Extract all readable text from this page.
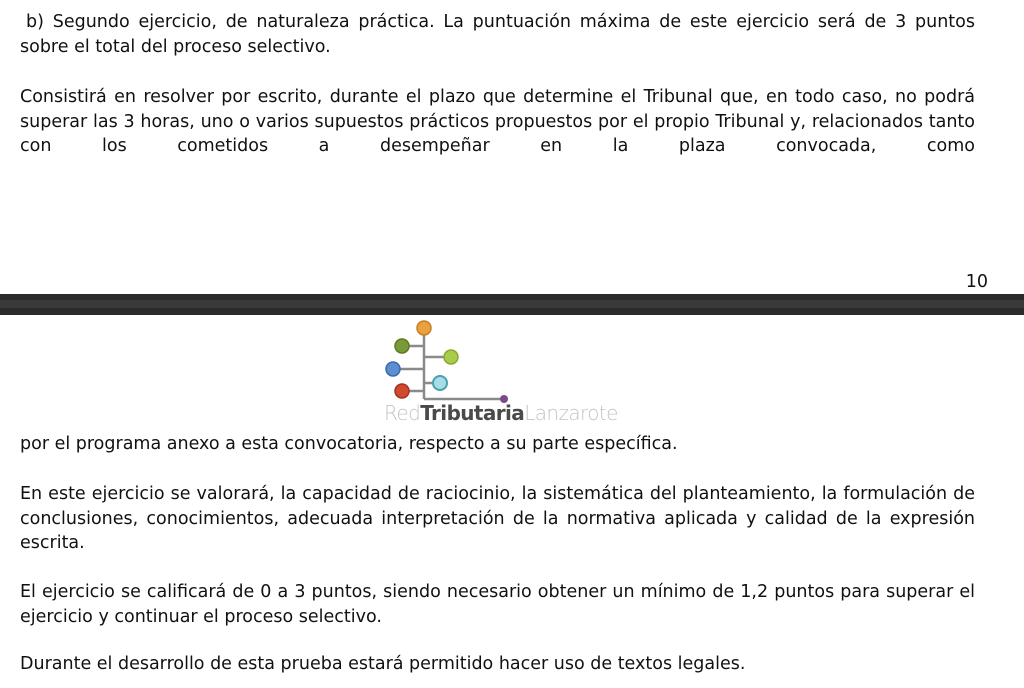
b) Segundo ejercicio, de naturaleza práctica. La puntuación máxima de este ejercicio será de 3 puntos sobre el total del proceso selectivo.

Consistirá en resolver por escrito, durante el plazo que determine el Tribunal que, en todo caso, no podrá superar las 3 horas, uno o varios supuestos prácticos propuestos por el propio Tribunal y, relacionados tanto con los cometidos a desempeñar en la plaza convocada, como

10
RedTributariaLanzarote

por el programa anexo a esta convocatoria, respecto a su parte específica.

En este ejercicio se valorará, la capacidad de raciocinio, la sistemática del planteamiento, la formulación de conclusiones, conocimientos, adecuada interpretación de la normativa aplicada y calidad de la expresión escrita.

El ejercicio se calificará de 0 a 3 puntos, siendo necesario obtener un mínimo de 1,2 puntos para superar el ejercicio y continuar el proceso selectivo.

Durante el desarrollo de esta prueba estará permitido hacer uso de textos legales.
